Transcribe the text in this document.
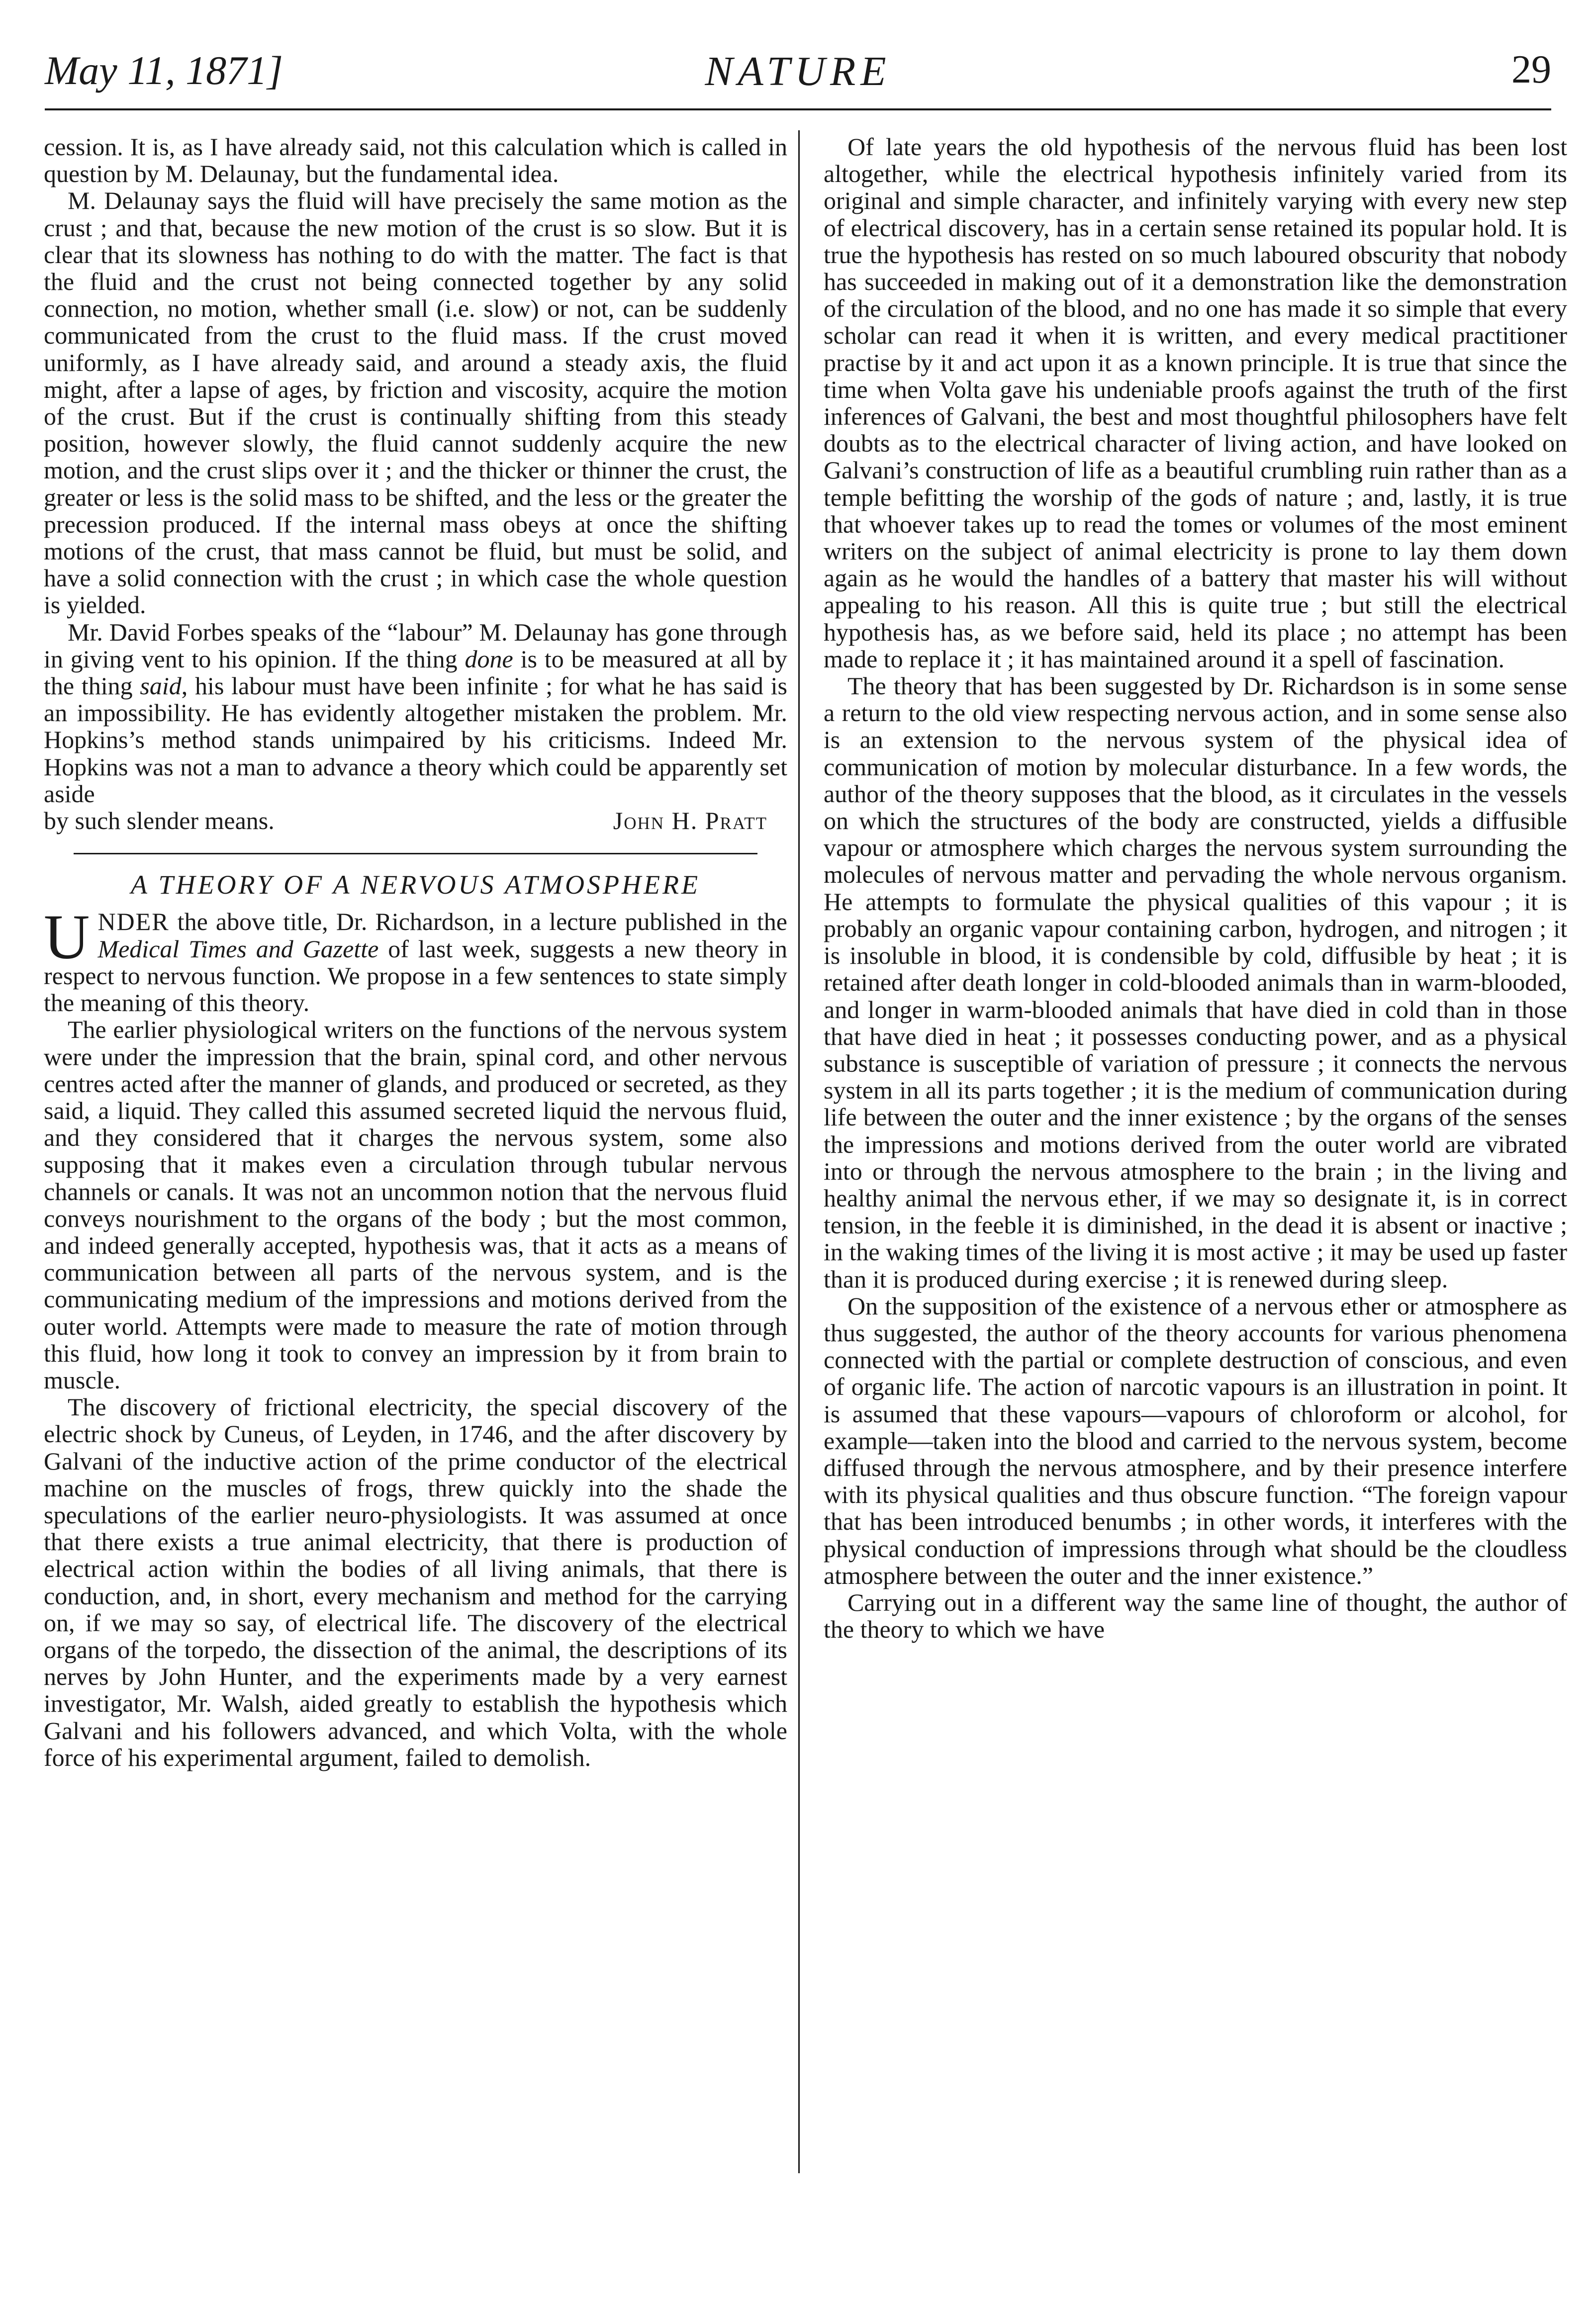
May 11, 1871]	NATURE	29

cession. It is, as I have already said, not this calculation which is called in question by M. Delaunay, but the fundamental idea.

M. Delaunay says the fluid will have precisely the same motion as the crust ; and that, because the new motion of the crust is so slow. But it is clear that its slowness has nothing to do with the matter. The fact is that the fluid and the crust not being connected together by any solid connection, no motion, whether small (i.e. slow) or not, can be suddenly communicated from the crust to the fluid mass. If the crust moved uniformly, as I have already said, and around a steady axis, the fluid might, after a lapse of ages, by friction and viscosity, acquire the motion of the crust. But if the crust is continually shifting from this steady position, however slowly, the fluid cannot suddenly acquire the new motion, and the crust slips over it ; and the thicker or thinner the crust, the greater or less is the solid mass to be shifted, and the less or the greater the precession produced. If the internal mass obeys at once the shifting motions of the crust, that mass cannot be fluid, but must be solid, and have a solid connection with the crust ; in which case the whole question is yielded.

Mr. David Forbes speaks of the “labour” M. Delaunay has gone through in giving vent to his opinion. If the thing done is to be measured at all by the thing said, his labour must have been infinite ; for what he has said is an impossibility. He has evidently altogether mistaken the problem. Mr. Hopkins’s method stands unimpaired by his criticisms. Indeed Mr. Hopkins was not a man to advance a theory which could be apparently set aside

by such slender means.	John H. Pratt
A THEORY OF A NERVOUS ATMOSPHERE

UNDER the above title, Dr. Richardson, in a lecture published in the Medical Times and Gazette of last week, suggests a new theory in respect to nervous function. We propose in a few sentences to state simply the meaning of this theory.

The earlier physiological writers on the functions of the nervous system were under the impression that the brain, spinal cord, and other nervous centres acted after the manner of glands, and produced or secreted, as they said, a liquid. They called this assumed secreted liquid the nervous fluid, and they considered that it charges the nervous system, some also supposing that it makes even a circulation through tubular nervous channels or canals. It was not an uncommon notion that the nervous fluid conveys nourishment to the organs of the body ; but the most common, and indeed generally accepted, hypothesis was, that it acts as a means of communication between all parts of the nervous system, and is the communicating medium of the impressions and motions derived from the outer world. Attempts were made to measure the rate of motion through this fluid, how long it took to convey an impression by it from brain to muscle.

The discovery of frictional electricity, the special discovery of the electric shock by Cuneus, of Leyden, in 1746, and the after discovery by Galvani of the inductive action of the prime conductor of the electrical machine on the muscles of frogs, threw quickly into the shade the speculations of the earlier neuro-physiologists. It was assumed at once that there exists a true animal electricity, that there is production of electrical action within the bodies of all living animals, that there is conduction, and, in short, every mechanism and method for the carrying on, if we may so say, of electrical life. The discovery of the electrical organs of the torpedo, the dissection of the animal, the descriptions of its nerves by John Hunter, and the experiments made by a very earnest investigator, Mr. Walsh, aided greatly to establish the hypothesis which Galvani and his followers advanced, and which Volta, with the whole force of his experimental argument, failed to demolish.

Of late years the old hypothesis of the nervous fluid has been lost altogether, while the electrical hypothesis infinitely varied from its original and simple character, and infinitely varying with every new step of electrical discovery, has in a certain sense retained its popular hold. It is true the hypothesis has rested on so much laboured obscurity that nobody has succeeded in making out of it a demonstration like the demonstration of the circulation of the blood, and no one has made it so simple that every scholar can read it when it is written, and every medical practitioner practise by it and act upon it as a known principle. It is true that since the time when Volta gave his undeniable proofs against the truth of the first inferences of Galvani, the best and most thoughtful philosophers have felt doubts as to the electrical character of living action, and have looked on Galvani’s construction of life as a beautiful crumbling ruin rather than as a temple befitting the worship of the gods of nature ; and, lastly, it is true that whoever takes up to read the tomes or volumes of the most eminent writers on the subject of animal electricity is prone to lay them down again as he would the handles of a battery that master his will without appealing to his reason. All this is quite true ; but still the electrical hypothesis has, as we before said, held its place ; no attempt has been made to replace it ; it has maintained around it a spell of fascination.

The theory that has been suggested by Dr. Richardson is in some sense a return to the old view respecting nervous action, and in some sense also is an extension to the nervous system of the physical idea of communication of motion by molecular disturbance. In a few words, the author of the theory supposes that the blood, as it circulates in the vessels on which the structures of the body are constructed, yields a diffusible vapour or atmosphere which charges the nervous system surrounding the molecules of nervous matter and pervading the whole nervous organism. He attempts to formulate the physical qualities of this vapour ; it is probably an organic vapour containing carbon, hydrogen, and nitrogen ; it is insoluble in blood, it is condensible by cold, diffusible by heat ; it is retained after death longer in cold-blooded animals than in warm-blooded, and longer in warm-blooded animals that have died in cold than in those that have died in heat ; it possesses conducting power, and as a physical substance is susceptible of variation of pressure ; it connects the nervous system in all its parts together ; it is the medium of communication during life between the outer and the inner existence ; by the organs of the senses the impressions and motions derived from the outer world are vibrated into or through the nervous atmosphere to the brain ; in the living and healthy animal the nervous ether, if we may so designate it, is in correct tension, in the feeble it is diminished, in the dead it is absent or inactive ; in the waking times of the living it is most active ; it may be used up faster than it is produced during exercise ; it is renewed during sleep.

On the supposition of the existence of a nervous ether or atmosphere as thus suggested, the author of the theory accounts for various phenomena connected with the partial or complete destruction of conscious, and even of organic life. The action of narcotic vapours is an illustration in point. It is assumed that these vapours—vapours of chloroform or alcohol, for example—taken into the blood and carried to the nervous system, become diffused through the nervous atmosphere, and by their presence interfere with its physical qualities and thus obscure function. “The foreign vapour that has been introduced benumbs ; in other words, it interferes with the physical conduction of impressions through what should be the cloudless atmosphere between the outer and the inner existence.”

Carrying out in a different way the same line of thought, the author of the theory to which we have
